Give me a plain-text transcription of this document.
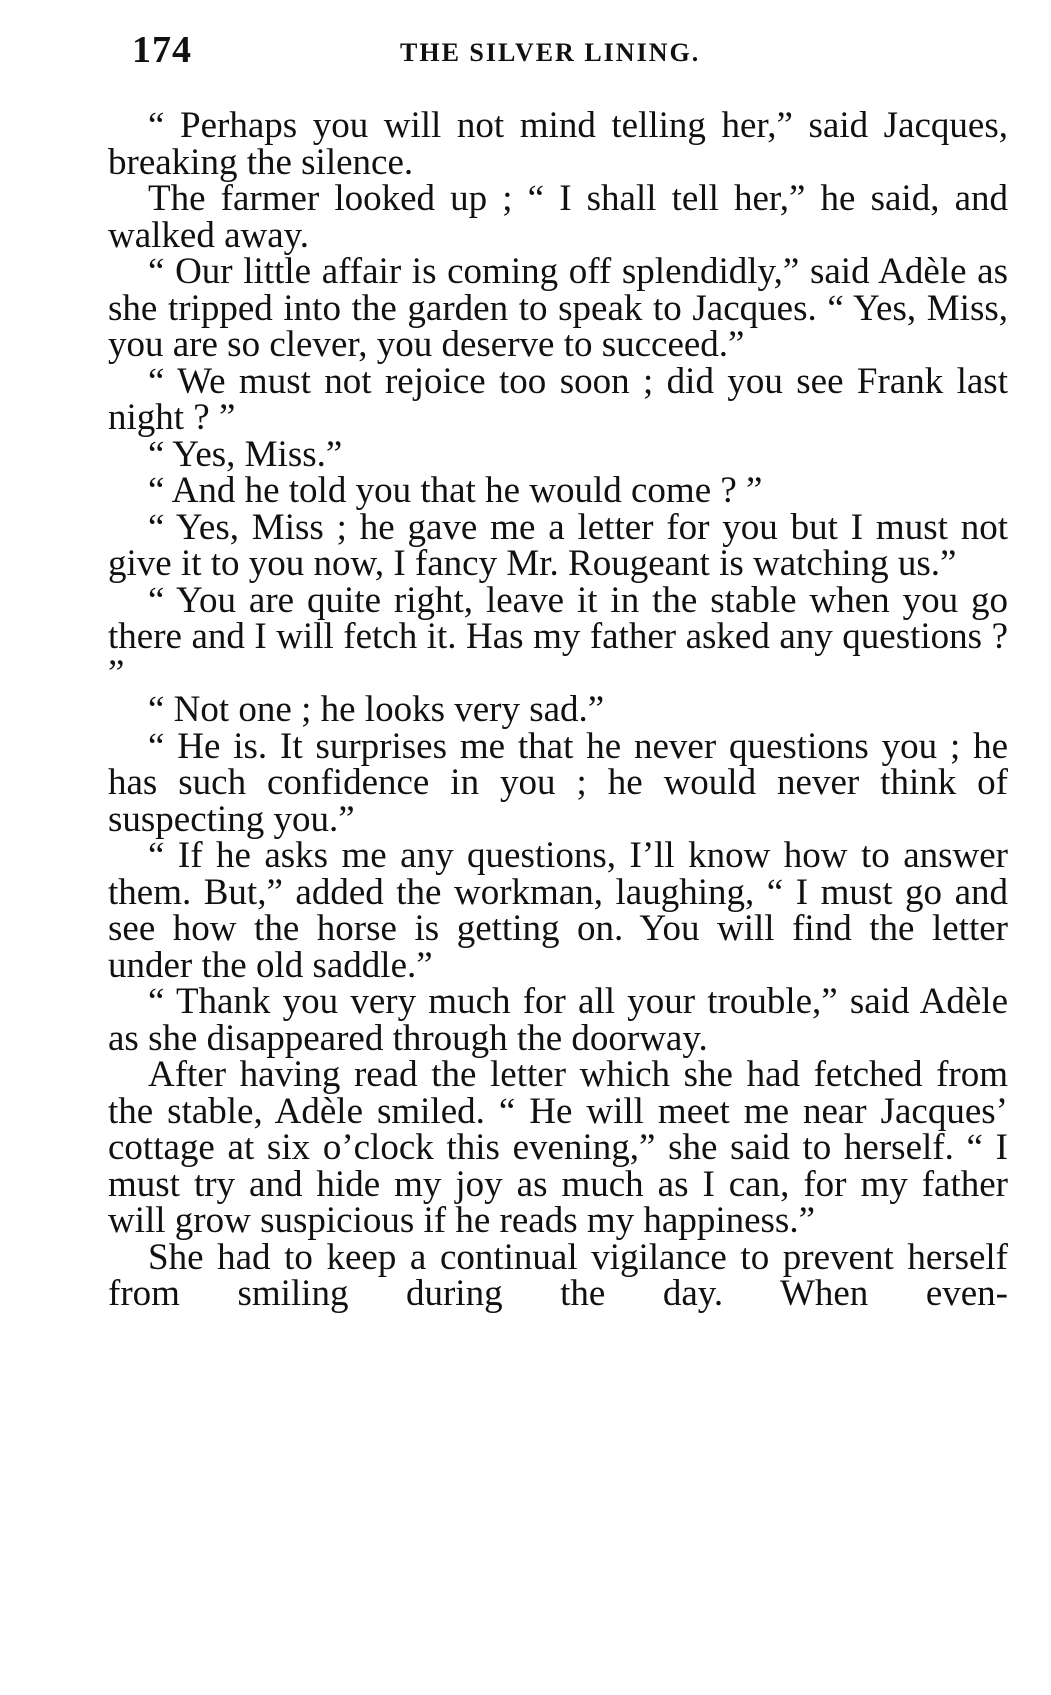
174	THE SILVER LINING.

“ Perhaps you will not mind telling her,” said Jacques, breaking the silence.

The farmer looked up ; “ I shall tell her,” he said, and walked away.

“ Our little affair is coming off splendidly,” said Adèle as she tripped into the garden to speak to Jacques. “ Yes, Miss, you are so clever, you deserve to succeed.”

“ We must not rejoice too soon ; did you see Frank last night ? ”

“ Yes, Miss.”

“ And he told you that he would come ? ”

“ Yes, Miss ; he gave me a letter for you but I must not give it to you now, I fancy Mr. Rougeant is watching us.”

“ You are quite right, leave it in the stable when you go there and I will fetch it. Has my father asked any questions ? ”

“ Not one ; he looks very sad.”

“ He is. It surprises me that he never questions you ; he has such confidence in you ; he would never think of suspecting you.”

“ If he asks me any questions, I’ll know how to answer them. But,” added the workman, laughing, “ I must go and see how the horse is getting on. You will find the letter under the old saddle.”

“ Thank you very much for all your trouble,” said Adèle as she disappeared through the doorway.

After having read the letter which she had fetched from the stable, Adèle smiled. “ He will meet me near Jacques’ cottage at six o’clock this evening,” she said to herself. “ I must try and hide my joy as much as I can, for my father will grow suspicious if he reads my happiness.”

She had to keep a continual vigilance to prevent herself from smiling during the day. When even-
